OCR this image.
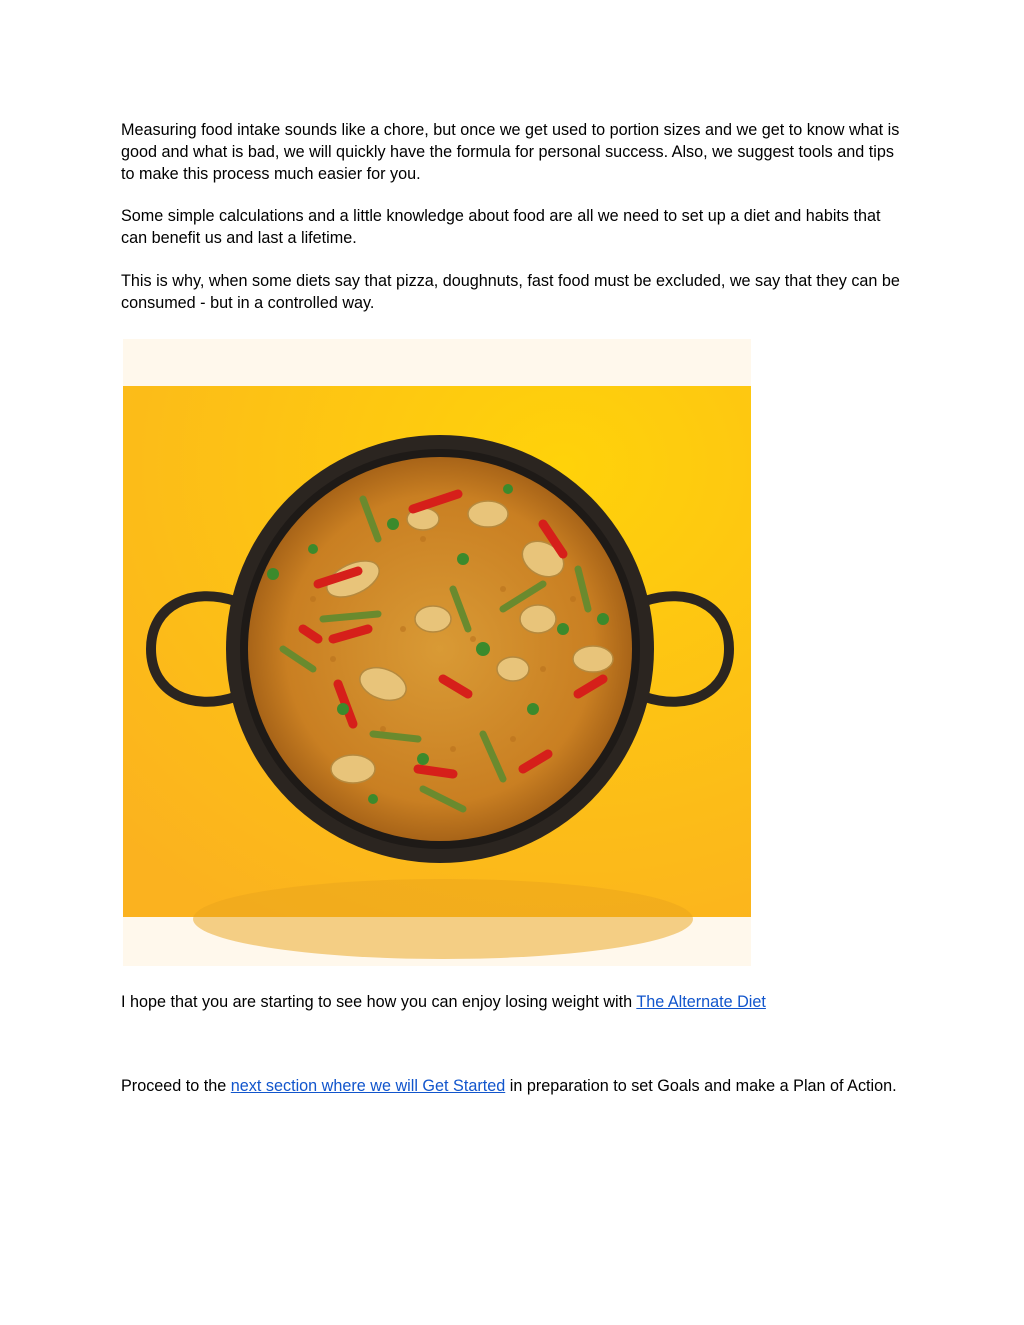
Measuring food intake sounds like a chore, but once we get used to portion sizes and we get to know what is good and what is bad, we will quickly have the formula for personal success. Also, we suggest tools and tips to make this process much easier for you.

Some simple calculations and a little knowledge about food are all we need to set up a diet and habits that can benefit us and last a lifetime.

This is why, when some diets say that pizza, doughnuts, fast food must be excluded, we say that they can be consumed - but in a controlled way.

I hope that you are starting to see how you can enjoy losing weight with The Alternate Diet

Proceed to the next section where we will Get Started in preparation to set Goals and make a Plan of Action.
